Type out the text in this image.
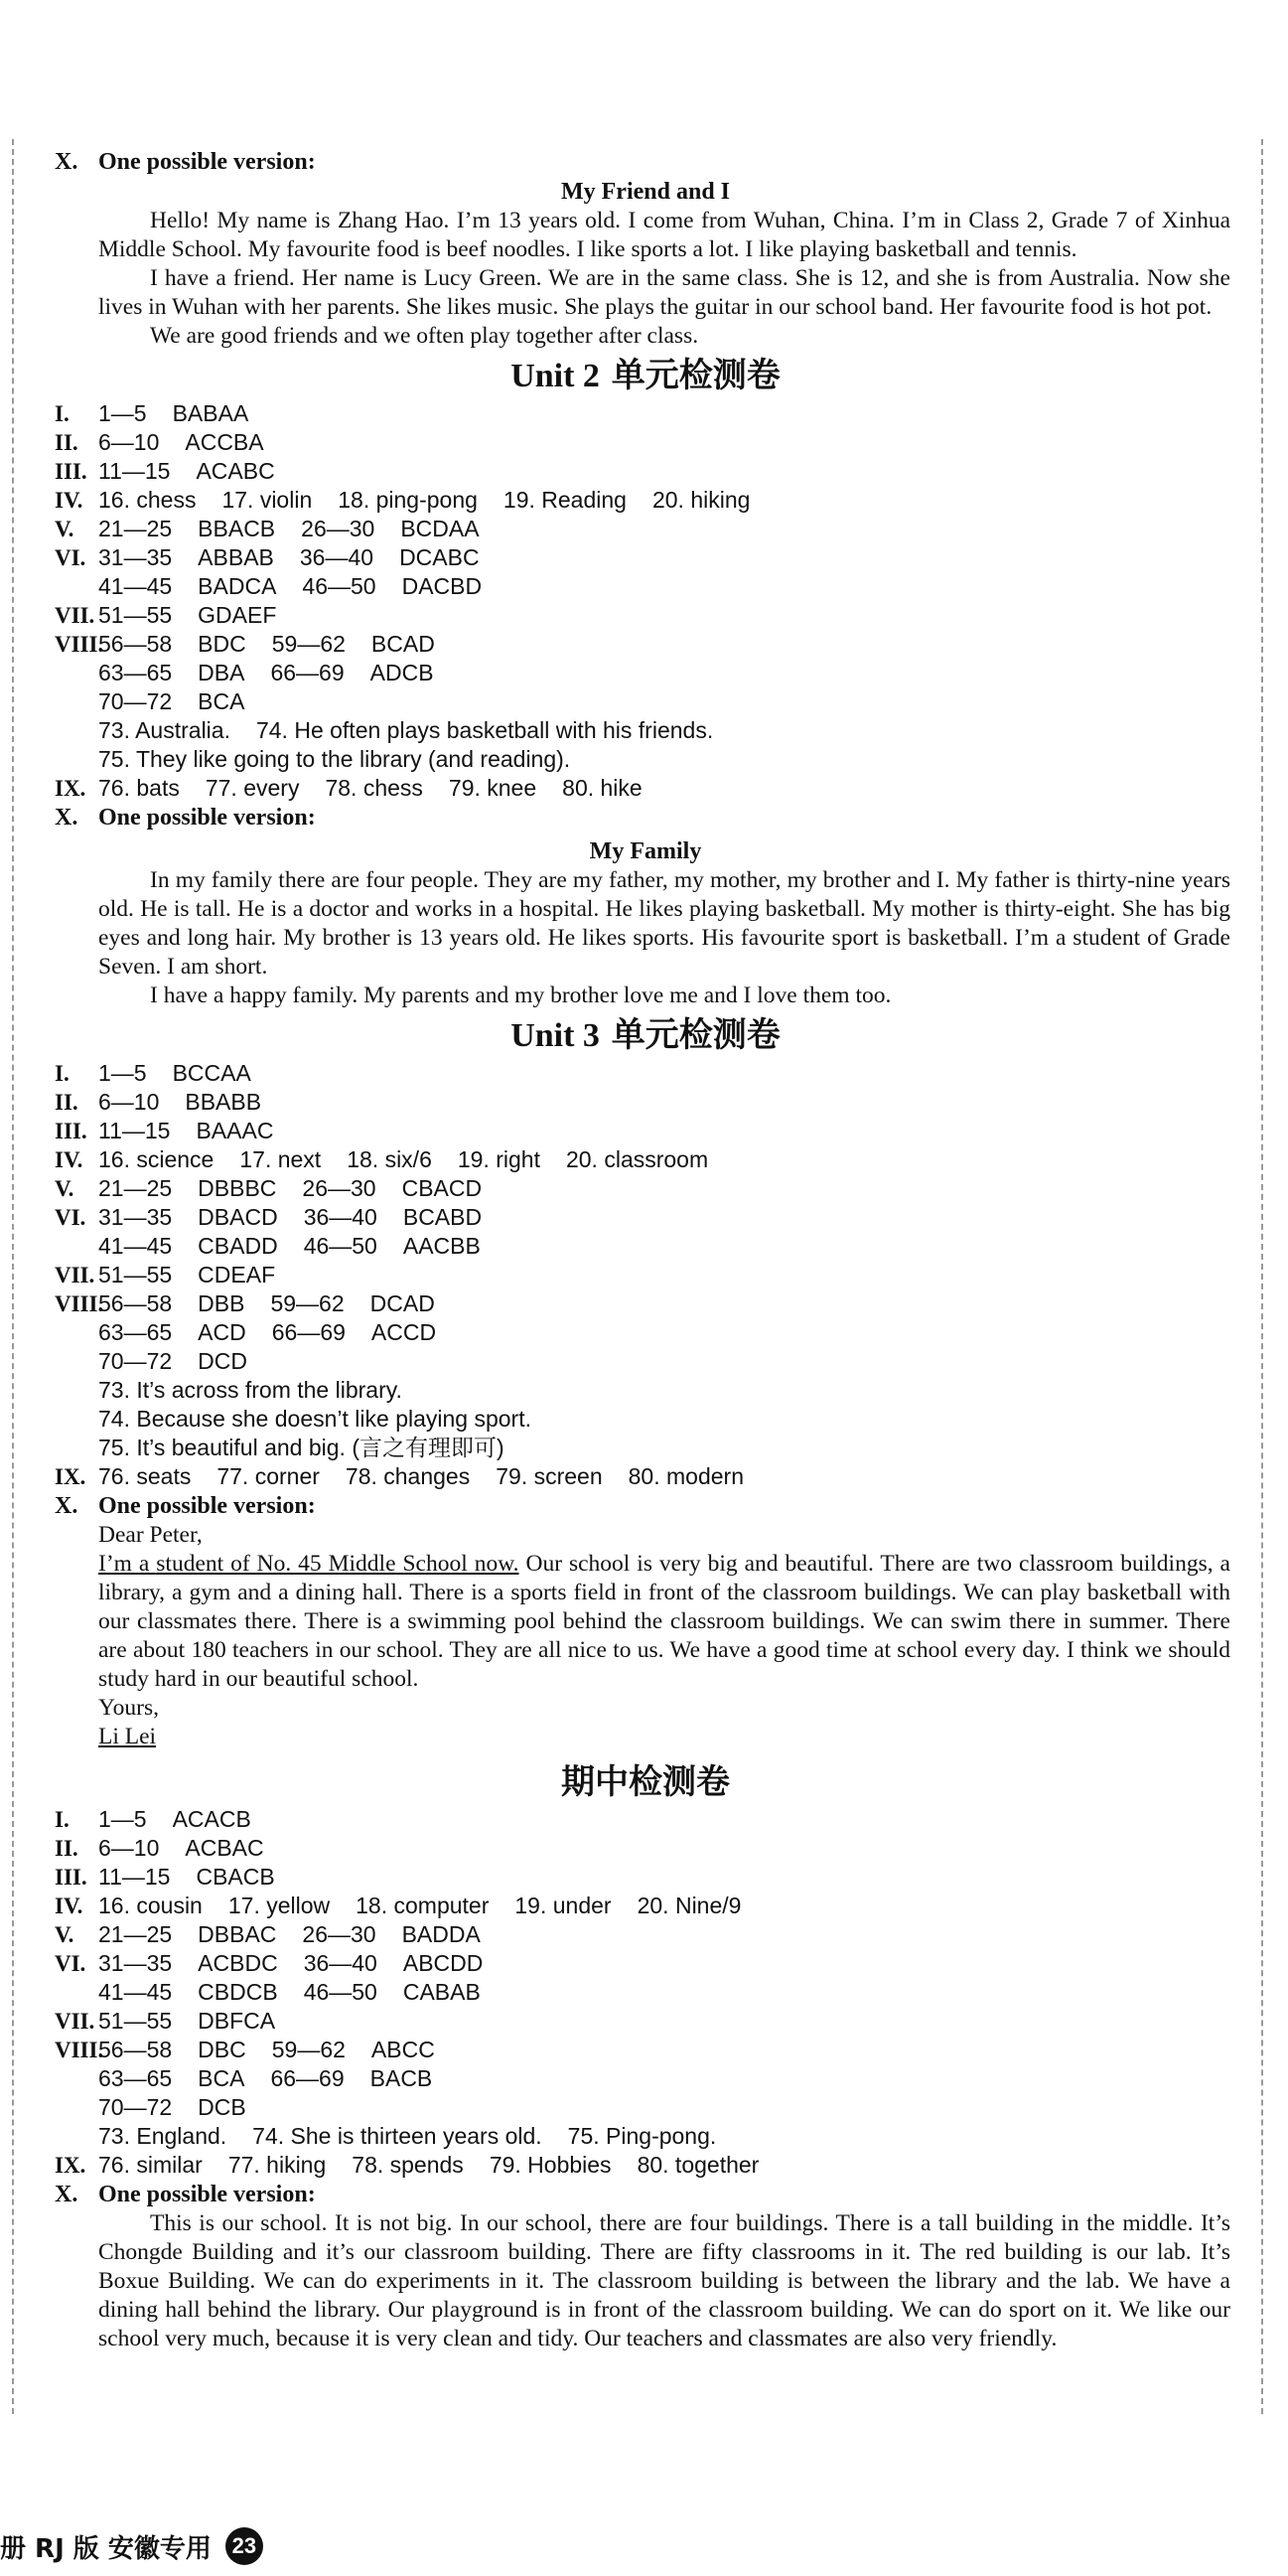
X. One possible version:
My Friend and I

Hello! My name is Zhang Hao. I’m 13 years old. I come from Wuhan, China. I’m in Class 2, Grade 7 of Xinhua Middle School. My favourite food is beef noodles. I like sports a lot. I like playing basketball and tennis.

I have a friend. Her name is Lucy Green. We are in the same class. She is 12, and she is from Australia. Now she lives in Wuhan with her parents. She likes music. She plays the guitar in our school band. Her favourite food is hot pot.

We are good friends and we often play together after class.

Unit 2 单元检测卷
I. 1—5 BABAA
II. 6—10 ACCBA
III. 11—15 ACABC
IV. 16. chess 17. violin 18. ping-pong 19. Reading 20. hiking
V. 21—25 BBACB 26—30 BCDAA
VI. 31—35 ABBAB 36—40 DCABC
41—45 BADCA 46—50 DACBD
VII. 51—55 GDAEF
VIII.56—58 BDC 59—62 BCAD
63—65 DBA 66—69 ADCB
70—72 BCA
73. Australia. 74. He often plays basketball with his friends.
75. They like going to the library (and reading).
IX. 76. bats 77. every 78. chess 79. knee 80. hike
X. One possible version:
My Family

In my family there are four people. They are my father, my mother, my brother and I. My father is thirty-nine years old. He is tall. He is a doctor and works in a hospital. He likes playing basketball. My mother is thirty-eight. She has big eyes and long hair. My brother is 13 years old. He likes sports. His favourite sport is basketball. I’m a student of Grade Seven. I am short.

I have a happy family. My parents and my brother love me and I love them too.

Unit 3 单元检测卷
I. 1—5 BCCAA
II. 6—10 BBABB
III. 11—15 BAAAC
IV. 16. science 17. next 18. six/6 19. right 20. classroom
V. 21—25 DBBBC 26—30 CBACD
VI. 31—35 DBACD 36—40 BCABD
41—45 CBADD 46—50 AACBB
VII. 51—55 CDEAF
VIII.56—58 DBB 59—62 DCAD
63—65 ACD 66—69 ACCD
70—72 DCD
73. It’s across from the library.
74. Because she doesn’t like playing sport.
75. It’s beautiful and big. (言之有理即可)
IX. 76. seats 77. corner 78. changes 79. screen 80. modern
X. One possible version:
Dear Peter,

I’m a student of No. 45 Middle School now. Our school is very big and beautiful. There are two classroom buildings, a library, a gym and a dining hall. There is a sports field in front of the classroom buildings. We can play basketball with our classmates there. There is a swimming pool behind the classroom buildings. We can swim there in summer. There are about 180 teachers in our school. They are all nice to us. We have a good time at school every day. I think we should study hard in our beautiful school.

Yours,
Li Lei
期中检测卷
I. 1—5 ACACB
II. 6—10 ACBAC
III. 11—15 CBACB
IV. 16. cousin 17. yellow 18. computer 19. under 20. Nine/9
V. 21—25 DBBAC 26—30 BADDA
VI. 31—35 ACBDC 36—40 ABCDD
41—45 CBDCB 46—50 CABAB
VII. 51—55 DBFCA
VIII.56—58 DBC 59—62 ABCC
63—65 BCA 66—69 BACB
70—72 DCB
73. England. 74. She is thirteen years old. 75. Ping-pong.
IX. 76. similar 77. hiking 78. spends 79. Hobbies 80. together
X. One possible version:

This is our school. It is not big. In our school, there are four buildings. There is a tall building in the middle. It’s Chongde Building and it’s our classroom building. There are fifty classrooms in it. The red building is our lab. It’s Boxue Building. We can do experiments in it. The classroom building is between the library and the lab. We have a dining hall behind the library. Our playground is in front of the classroom building. We can do sport on it. We like our school very much, because it is very clean and tidy. Our teachers and classmates are also very friendly.

册 RJ 版 安徽专用 23
